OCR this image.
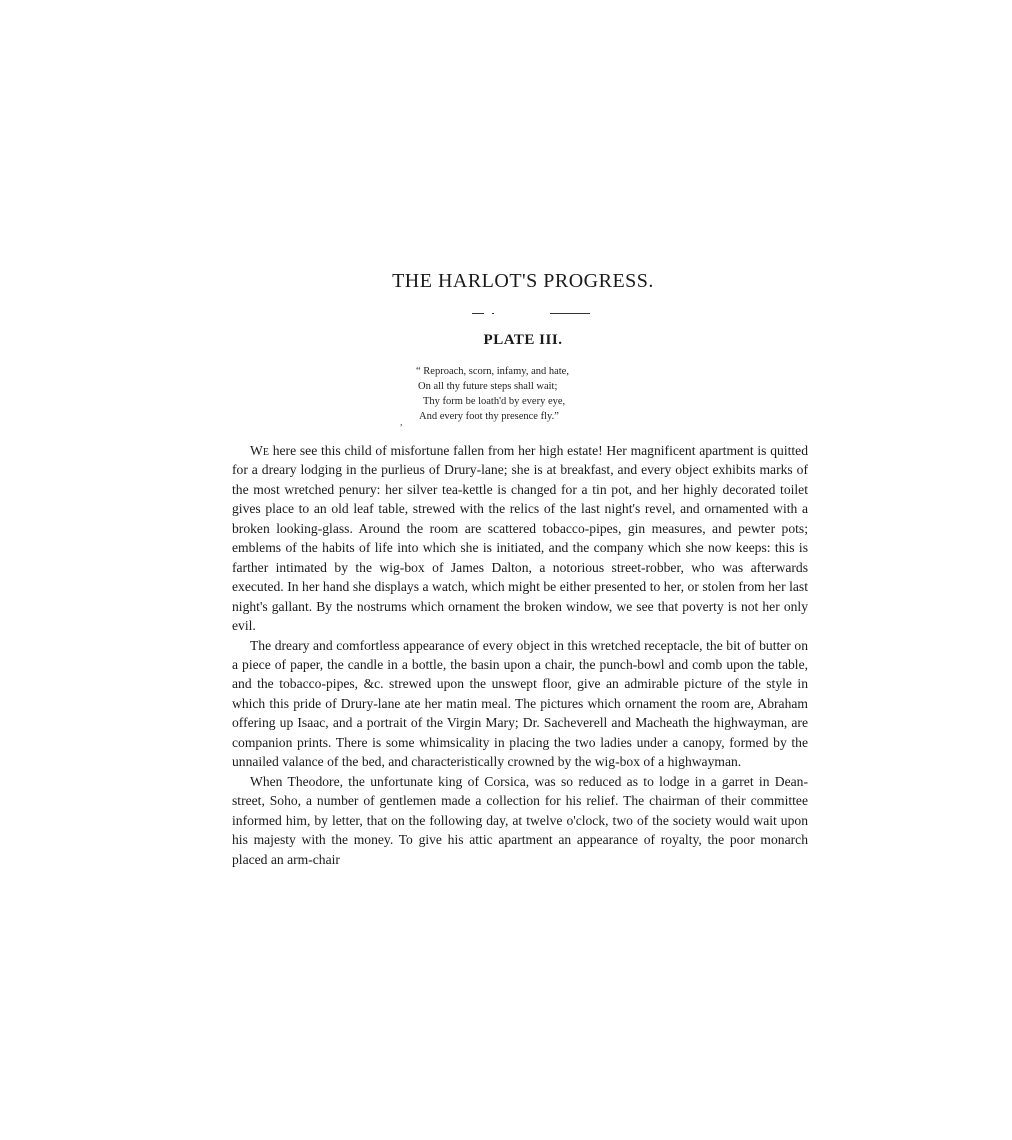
THE HARLOT'S PROGRESS.
PLATE III.
“ Reproach, scorn, infamy, and hate,
On all thy future steps shall wait;
Thy form be loath'd by every eye,
And every foot thy presence fly.”
,

We here see this child of misfortune fallen from her high estate! Her magnificent apartment is quitted for a dreary lodging in the purlieus of Drury-lane; she is at breakfast, and every object exhibits marks of the most wretched penury: her silver tea-kettle is changed for a tin pot, and her highly decorated toilet gives place to an old leaf table, strewed with the relics of the last night's revel, and ornamented with a broken looking-glass. Around the room are scattered tobacco-pipes, gin measures, and pewter pots; emblems of the habits of life into which she is initiated, and the company which she now keeps: this is farther intimated by the wig-box of James Dalton, a notorious street-robber, who was afterwards executed. In her hand she displays a watch, which might be either presented to her, or stolen from her last night's gallant. By the nostrums which ornament the broken window, we see that poverty is not her only evil.

The dreary and comfortless appearance of every object in this wretched receptacle, the bit of butter on a piece of paper, the candle in a bottle, the basin upon a chair, the punch-bowl and comb upon the table, and the tobacco-pipes, &c. strewed upon the unswept floor, give an admirable picture of the style in which this pride of Drury-lane ate her matin meal. The pictures which ornament the room are, Abraham offering up Isaac, and a portrait of the Virgin Mary; Dr. Sacheverell and Macheath the highwayman, are companion prints. There is some whimsicality in placing the two ladies under a canopy, formed by the unnailed valance of the bed, and characteristically crowned by the wig-box of a highwayman.

When Theodore, the unfortunate king of Corsica, was so reduced as to lodge in a garret in Dean-street, Soho, a number of gentlemen made a collection for his relief. The chairman of their committee informed him, by letter, that on the following day, at twelve o'clock, two of the society would wait upon his majesty with the money. To give his attic apartment an appearance of royalty, the poor monarch placed an arm-chair
